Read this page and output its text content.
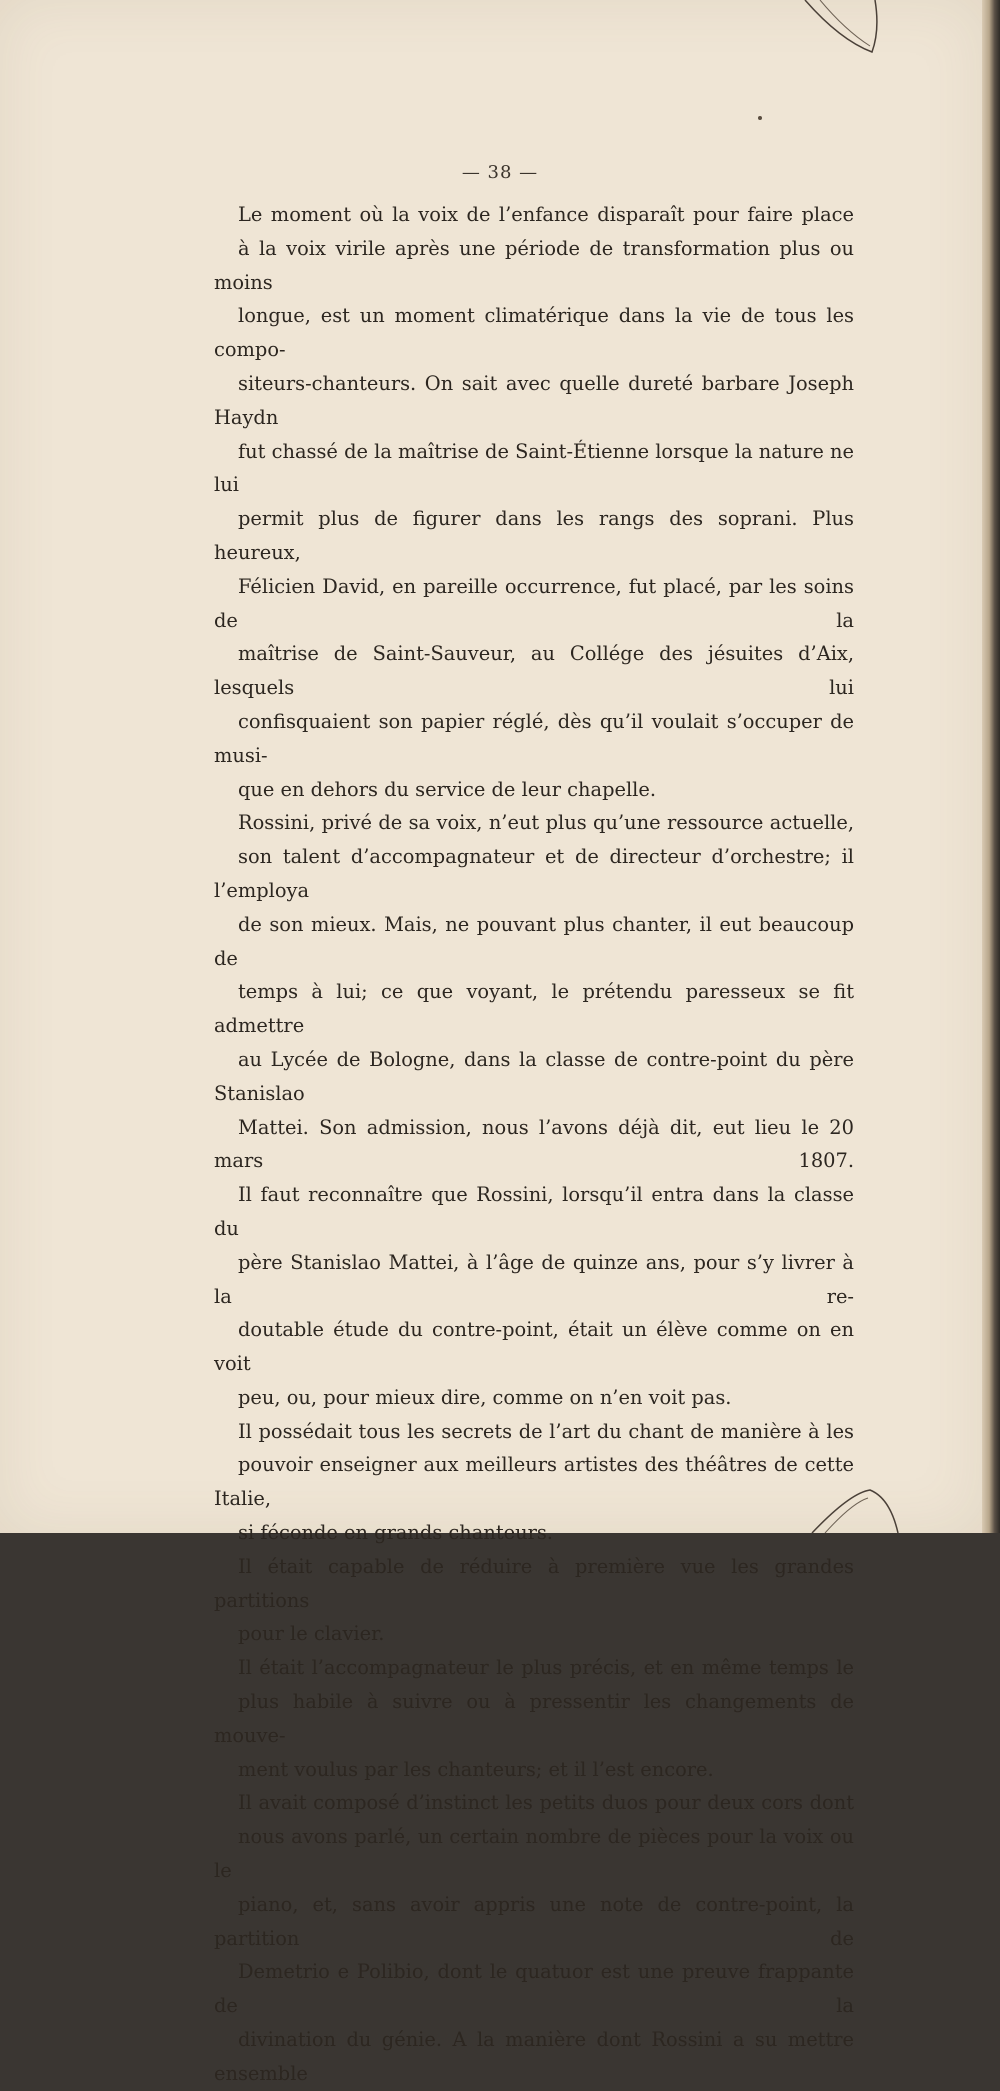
— 38 —

Le moment où la voix de l’enfance disparaît pour faire place
à la voix virile après une période de transformation plus ou moins
longue, est un moment climatérique dans la vie de tous les compo-
siteurs-chanteurs. On sait avec quelle dureté barbare Joseph Haydn
fut chassé de la maîtrise de Saint-Étienne lorsque la nature ne lui
permit plus de figurer dans les rangs des soprani. Plus heureux,
Félicien David, en pareille occurrence, fut placé, par les soins de la
maîtrise de Saint-Sauveur, au Collége des jésuites d’Aix, lesquels lui
confisquaient son papier réglé, dès qu’il voulait s’occuper de musi-
que en dehors du service de leur chapelle.

Rossini, privé de sa voix, n’eut plus qu’une ressource actuelle,
son talent d’accompagnateur et de directeur d’orchestre; il l’employa
de son mieux. Mais, ne pouvant plus chanter, il eut beaucoup de
temps à lui; ce que voyant, le prétendu paresseux se fit admettre
au Lycée de Bologne, dans la classe de contre-point du père Stanislao
Mattei. Son admission, nous l’avons déjà dit, eut lieu le 20 mars 1807.

Il faut reconnaître que Rossini, lorsqu’il entra dans la classe du
père Stanislao Mattei, à l’âge de quinze ans, pour s’y livrer à la re-
doutable étude du contre-point, était un élève comme on en voit
peu, ou, pour mieux dire, comme on n’en voit pas.

Il possédait tous les secrets de l’art du chant de manière à les
pouvoir enseigner aux meilleurs artistes des théâtres de cette Italie,
si féconde en grands chanteurs.

Il était capable de réduire à première vue les grandes partitions
pour le clavier.

Il était l’accompagnateur le plus précis, et en même temps le
plus habile à suivre ou à pressentir les changements de mouve-
ment voulus par les chanteurs; et il l’est encore.

Il avait composé d’instinct les petits duos pour deux cors dont
nous avons parlé, un certain nombre de pièces pour la voix ou le
piano, et, sans avoir appris une note de contre-point, la partition de
Demetrio e Polibio, dont le quatuor est une preuve frappante de la
divination du génie. A la manière dont Rossini a su mettre ensemble
